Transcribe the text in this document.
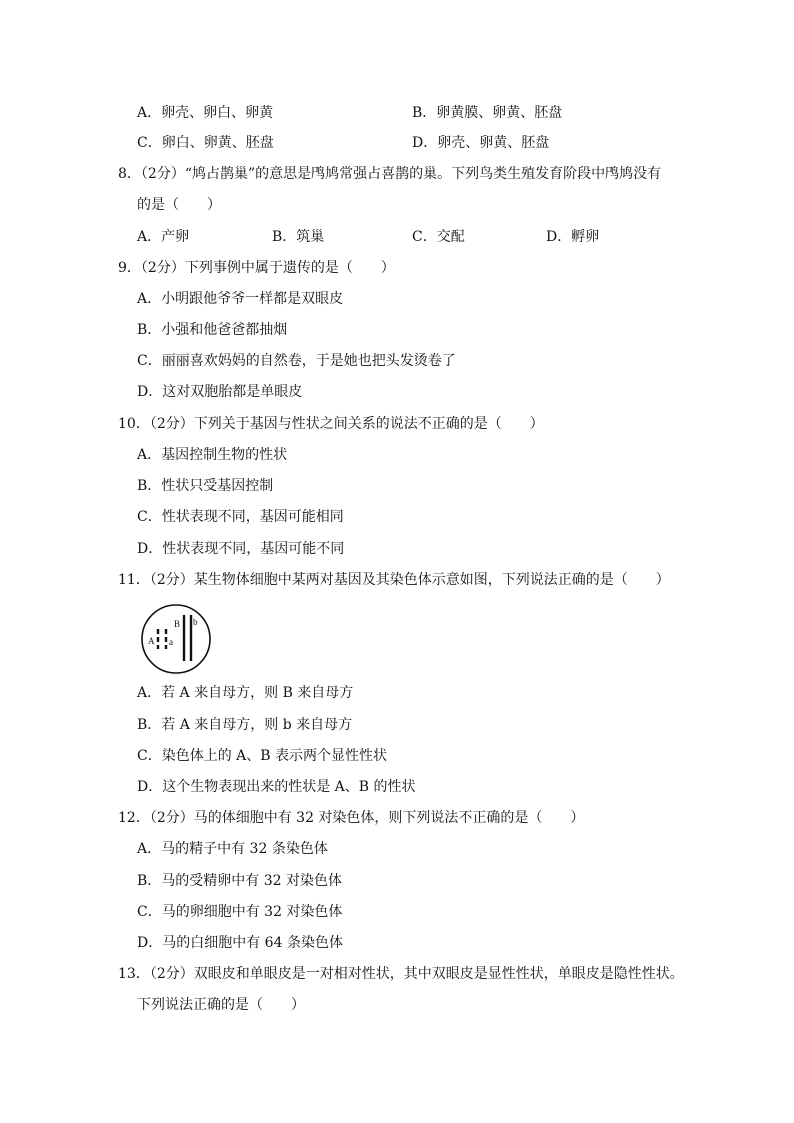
A．卵壳、卵白、卵黄	B．卵黄膜、卵黄、胚盘
C．卵白、卵黄、胚盘	D．卵壳、卵黄、胚盘
8．（2分）“鸠占鹊巢”的意思是鸤鸠常强占喜鹊的巢。下列鸟类生殖发育阶段中鸤鸠没有
的是（　　）
A．产卵	B．筑巢	C．交配	D．孵卵
9．（2分）下列事例中属于遗传的是（　　）
A．小明跟他爷爷一样都是双眼皮
B．小强和他爸爸都抽烟
C．丽丽喜欢妈妈的自然卷，于是她也把头发烫卷了
D．这对双胞胎都是单眼皮
10．（2分）下列关于基因与性状之间关系的说法不正确的是（　　）
A．基因控制生物的性状
B．性状只受基因控制
C．性状表现不同，基因可能相同
D．性状表现不同，基因可能不同
11．（2分）某生物体细胞中某两对基因及其染色体示意如图，下列说法正确的是（　　）
A a
B b
A．若 A 来自母方，则 B 来自母方
B．若 A 来自母方，则 b 来自母方
C．染色体上的 A、B 表示两个显性性状
D．这个生物表现出来的性状是 A、B 的性状
12．（2分）马的体细胞中有 32 对染色体，则下列说法不正确的是（　　）
A．马的精子中有 32 条染色体
B．马的受精卵中有 32 对染色体
C．马的卵细胞中有 32 对染色体
D．马的白细胞中有 64 条染色体
13．（2分）双眼皮和单眼皮是一对相对性状，其中双眼皮是显性性状，单眼皮是隐性性状。
下列说法正确的是（　　）
